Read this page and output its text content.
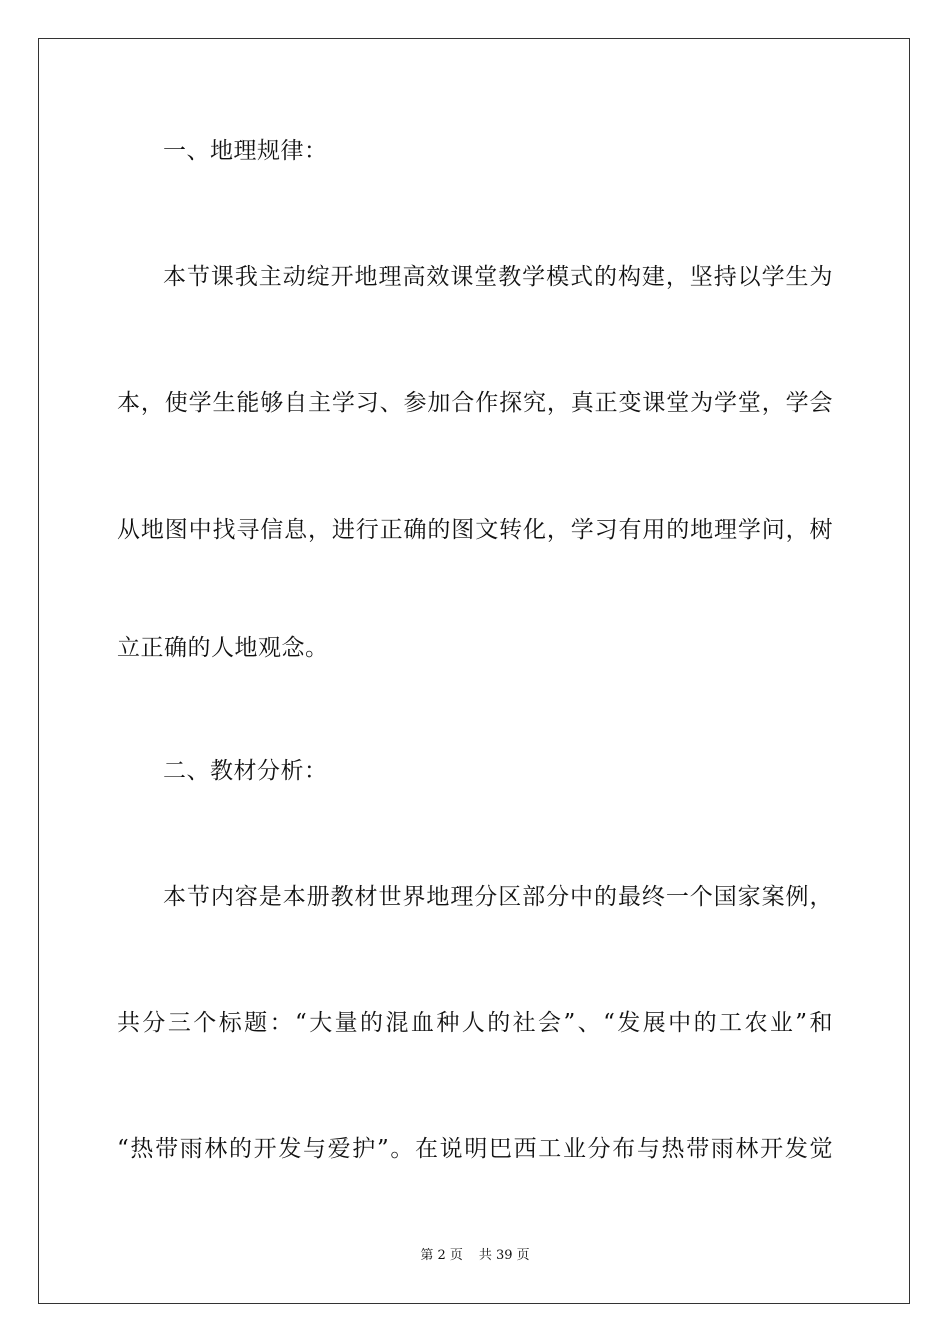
一、地理规律：
本节课我主动绽开地理高效课堂教学模式的构建，坚持以学生为
本，使学生能够自主学习、参加合作探究，真正变课堂为学堂，学会
从地图中找寻信息，进行正确的图文转化，学习有用的地理学问，树
立正确的人地观念。
二、教材分析：
本节内容是本册教材世界地理分区部分中的最终一个国家案例，
共分三个标题：“大量的混血种人的社会”、“发展中的工农业”和
“热带雨林的开发与爱护”。在说明巴西工业分布与热带雨林开发觉
第 2 页 共 39 页
